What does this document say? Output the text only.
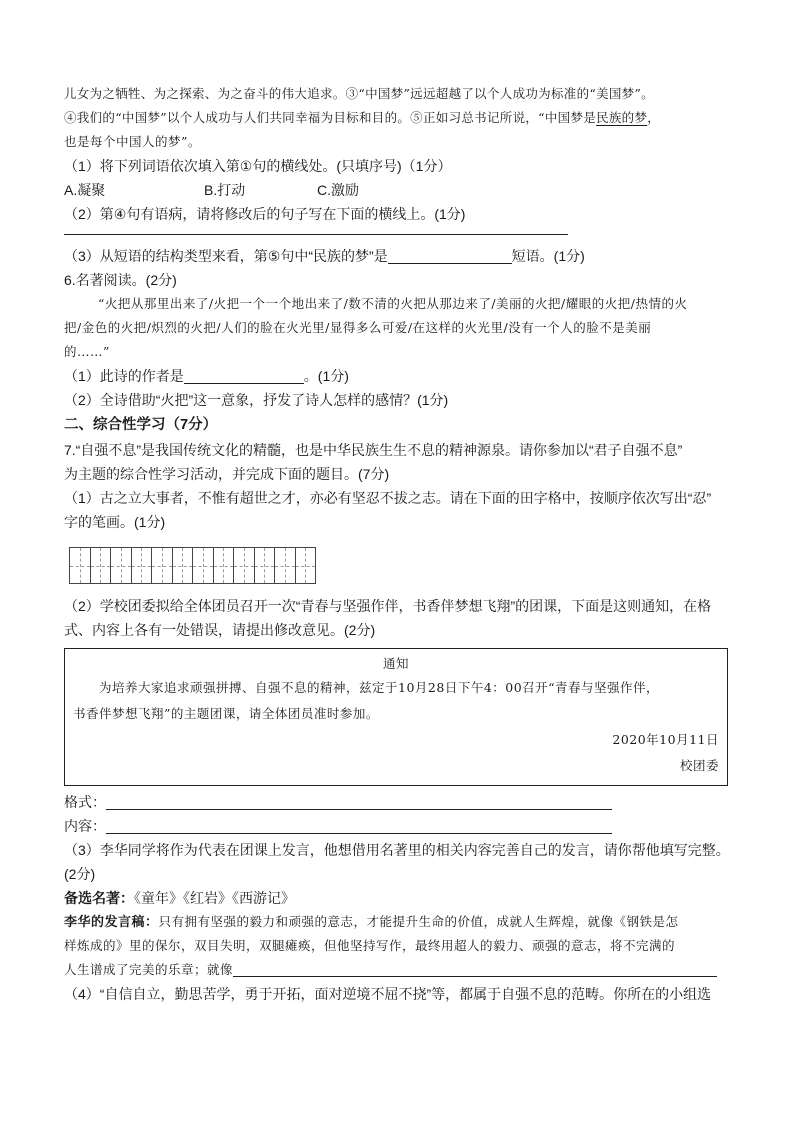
儿女为之牺牲、为之探索、为之奋斗的伟大追求。③“中国梦”远远超越了以个人成功为标准的“美国梦”。
④我们的“中国梦”以个人成功与人们共同幸福为目标和目的。⑤正如习总书记所说，“中国梦是民族的梦，
也是每个中国人的梦”。
（1）将下列词语依次填入第①句的横线处。(只填序号)（1分）
A.凝聚	B.打动	C.激励
（2）第④句有语病，请将修改后的句子写在下面的横线上。(1分)
（3）从短语的结构类型来看，第⑤句中“民族的梦”是	短语。(1分)
6.名著阅读。(2分)
“火把从那里出来了/火把一个一个地出来了/数不清的火把从那边来了/美丽的火把/耀眼的火把/热情的火
把/金色的火把/炽烈的火把/人们的脸在火光里/显得多么可爱/在这样的火光里/没有一个人的脸不是美丽
的……”
（1）此诗的作者是	。(1分)
（2）全诗借助“火把”这一意象，抒发了诗人怎样的感情？(1分)
二、综合性学习（7分）
7.“自强不息”是我国传统文化的精髓，也是中华民族生生不息的精神源泉。请你参加以“君子自强不息”
为主题的综合性学习活动，并完成下面的题目。(7分)
（1）古之立大事者，不惟有超世之才，亦必有坚忍不拔之志。请在下面的田字格中，按顺序依次写出“忍”
字的笔画。(1分)
（2）学校团委拟给全体团员召开一次“青春与坚强作伴，书香伴梦想飞翔”的团课，下面是这则通知，在格
式、内容上各有一处错误，请提出修改意见。(2分)
通知
为培养大家追求顽强拼搏、自强不息的精神，兹定于10月28日下午4：00召开“青春与坚强作伴，
书香伴梦想飞翔”的主题团课，请全体团员准时参加。
2020年10月11日
校团委
格式：
内容：
（3）李华同学将作为代表在团课上发言，他想借用名著里的相关内容完善自己的发言，请你帮他填写完整。
(2分)
备选名著：《童年》《红岩》《西游记》
李华的发言稿：只有拥有坚强的毅力和顽强的意志，才能提升生命的价值，成就人生辉煌，就像《钢铁是怎
样炼成的》里的保尔，双目失明，双腿瘫痪，但他坚持写作，最终用超人的毅力、顽强的意志，将不完满的
人生谱成了完美的乐章；就像
（4）“自信自立，勤思苦学，勇于开拓，面对逆境不屈不挠”等，都属于自强不息的范畴。你所在的小组选
